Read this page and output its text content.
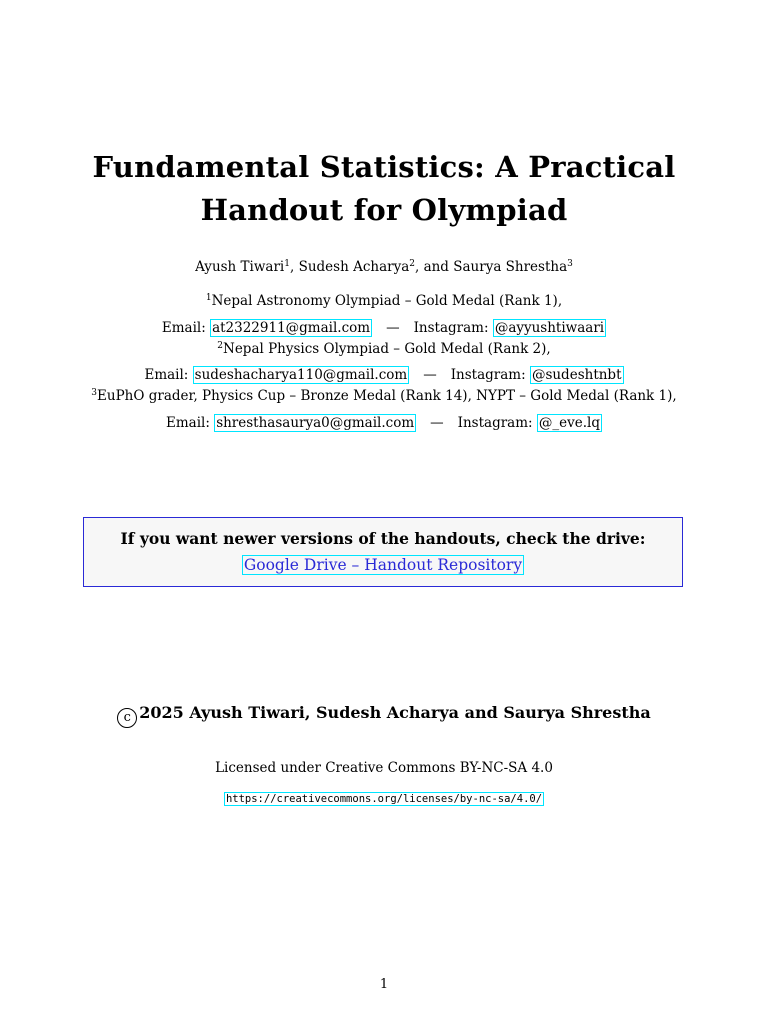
Fundamental Statistics: A Practical
Handout for Olympiad
Ayush Tiwari$^1$, Sudesh Acharya$^2$, and Saurya Shrestha$^3$
$^1$Nepal Astronomy Olympiad – Gold Medal (Rank 1),
Email: at2322911@gmail.com — Instagram: @ayyushtiwaari
$^2$Nepal Physics Olympiad – Gold Medal (Rank 2),
Email: sudeshacharya110@gmail.com — Instagram: @sudeshtnbt
$^3$EuPhO grader, Physics Cup – Bronze Medal (Rank 14), NYPT – Gold Medal (Rank 1),
Email: shresthasaurya0@gmail.com — Instagram: @_eve.lq
If you want newer versions of the handouts, check the drive:
Google Drive – Handout Repository
c 2025 Ayush Tiwari, Sudesh Acharya and Saurya Shrestha
Licensed under Creative Commons BY-NC-SA 4.0
https://creativecommons.org/licenses/by-nc-sa/4.0/
1
